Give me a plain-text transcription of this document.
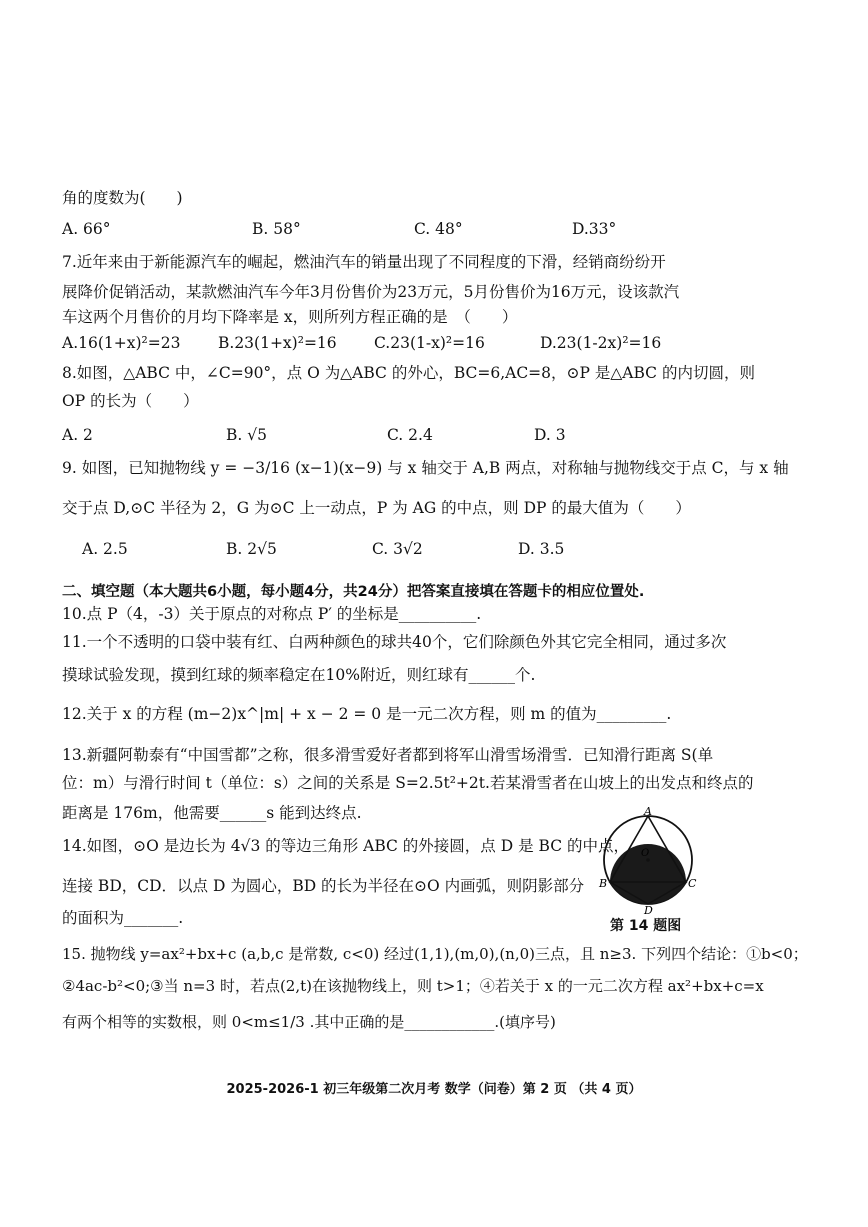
角的度数为(　　)
A. 66°	B. 58°	C. 48°	D.33°
7.近年来由于新能源汽车的崛起，燃油汽车的销量出现了不同程度的下滑，经销商纷纷开
展降价促销活动，某款燃油汽车今年3月份售价为23万元，5月份售价为16万元，设该款汽
车这两个月售价的月均下降率是 x，则所列方程正确的是　（　　）
A.16(1+x)²=23 B.23(1+x)²=16 C.23(1-x)²=16	D.23(1-2x)²=16
8.如图，△ABC 中，∠C=90°，点 O 为△ABC 的外心，BC=6,AC=8，⊙P 是△ABC 的内切圆，则
OP 的长为（　　）
A. 2	B. √5	C. 2.4	D. 3
9. 如图，已知抛物线 y = −3/16 (x−1)(x−9) 与 x 轴交于 A,B 两点，对称轴与抛物线交于点 C，与 x 轴
交于点 D,⊙C 半径为 2，G 为⊙C 上一动点，P 为 AG 的中点，则 DP 的最大值为（　　）
A. 2.5	B. 2√5	C. 3√2	D. 3.5
二、填空题（本大题共6小题，每小题4分，共24分）把答案直接填在答题卡的相应位置处.
10.点 P（4，-3）关于原点的对称点 P′ 的坐标是__________.
11.一个不透明的口袋中装有红、白两种颜色的球共40个，它们除颜色外其它完全相同，通过多次
摸球试验发现，摸到红球的频率稳定在10%附近，则红球有______个.
12.关于 x 的方程 (m−2)x^|m| + x − 2 = 0 是一元二次方程，则 m 的值为_________.
13.新疆阿勒泰有“中国雪都”之称，很多滑雪爱好者都到将军山滑雪场滑雪．已知滑行距离 S(单
位：m）与滑行时间 t（单位：s）之间的关系是 S=2.5t²+2t.若某滑雪者在山坡上的出发点和终点的
距离是 176m，他需要______s 能到达终点.
14.如图，⊙O 是边长为 4√3 的等边三角形 ABC 的外接圆，点 D 是 BC 的中点，
连接 BD，CD．以点 D 为圆心，BD 的长为半径在⊙O 内画弧，则阴影部分
的面积为_______.
A
O
B	C
D
第 14 题图
15. 抛物线 y=ax²+bx+c (a,b,c 是常数, c<0) 经过(1,1),(m,0),(n,0)三点，且 n≥3. 下列四个结论：①b<0；
②4ac-b²<0;③当 n=3 时，若点(2,t)在该抛物线上，则 t>1；④若关于 x 的一元二次方程 ax²+bx+c=x
有两个相等的实数根，则 0<m≤1/3 .其中正确的是____________.(填序号)
2025-2026-1 初三年级第二次月考 数学（问卷）第 2 页 （共 4 页）
